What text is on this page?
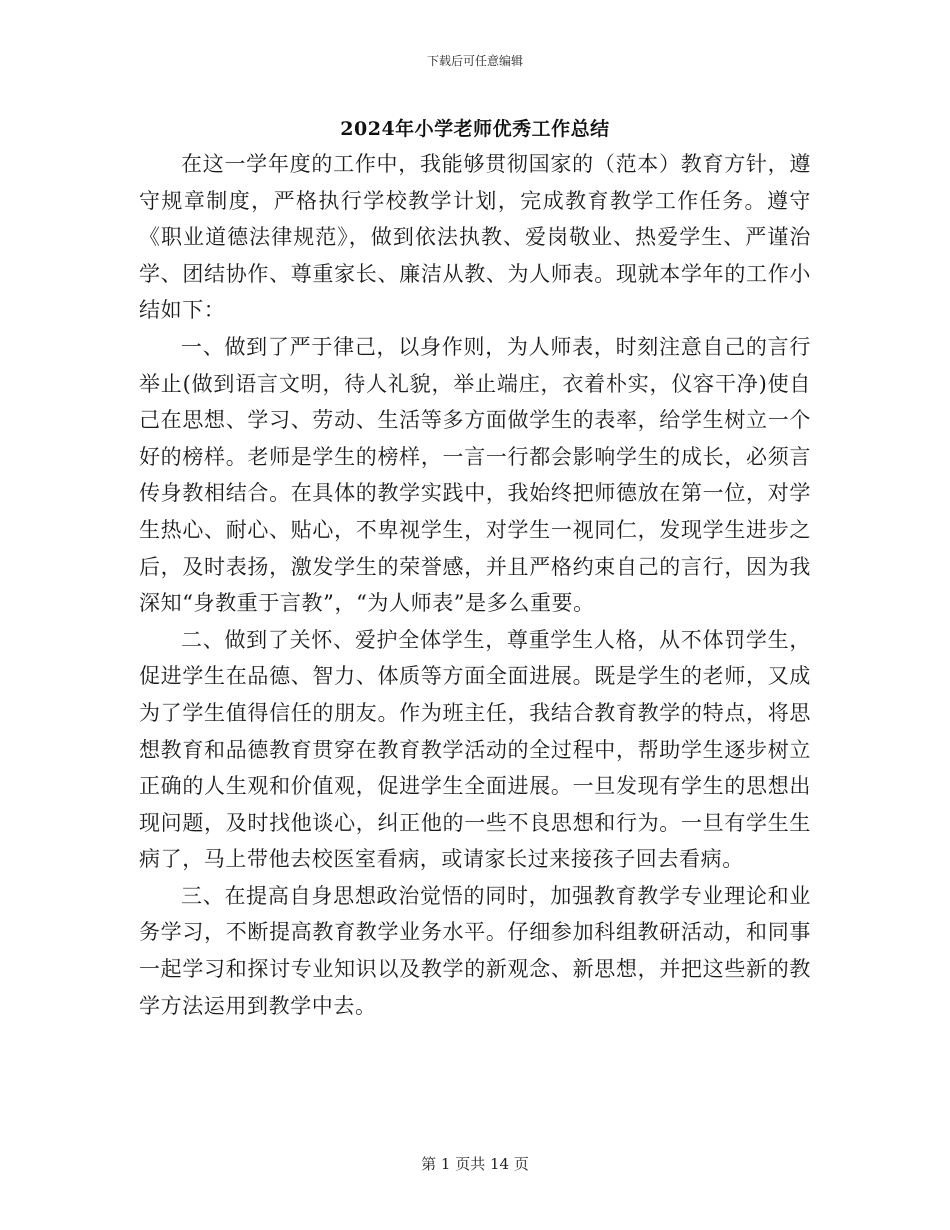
下载后可任意编辑
2024年小学老师优秀工作总结

在这一学年度的工作中，我能够贯彻国家的（范本）教育方针，遵守规章制度，严格执行学校教学计划，完成教育教学工作任务。遵守《职业道德法律规范》，做到依法执教、爱岗敬业、热爱学生、严谨治学、团结协作、尊重家长、廉洁从教、为人师表。现就本学年的工作小结如下：

一、做到了严于律己，以身作则，为人师表，时刻注意自己的言行举止(做到语言文明，待人礼貌，举止端庄，衣着朴实，仪容干净)使自己在思想、学习、劳动、生活等多方面做学生的表率，给学生树立一个好的榜样。老师是学生的榜样，一言一行都会影响学生的成长，必须言传身教相结合。在具体的教学实践中，我始终把师德放在第一位，对学生热心、耐心、贴心，不卑视学生，对学生一视同仁，发现学生进步之后，及时表扬，激发学生的荣誉感，并且严格约束自己的言行，因为我深知“身教重于言教”，“为人师表”是多么重要。

二、做到了关怀、爱护全体学生，尊重学生人格，从不体罚学生，促进学生在品德、智力、体质等方面全面进展。既是学生的老师，又成为了学生值得信任的朋友。作为班主任，我结合教育教学的特点，将思想教育和品德教育贯穿在教育教学活动的全过程中，帮助学生逐步树立正确的人生观和价值观，促进学生全面进展。一旦发现有学生的思想出现问题，及时找他谈心，纠正他的一些不良思想和行为。一旦有学生生病了，马上带他去校医室看病，或请家长过来接孩子回去看病。

三、在提高自身思想政治觉悟的同时，加强教育教学专业理论和业务学习，不断提高教育教学业务水平。仔细参加科组教研活动，和同事一起学习和探讨专业知识以及教学的新观念、新思想，并把这些新的教学方法运用到教学中去。

第 1 页共 14 页
